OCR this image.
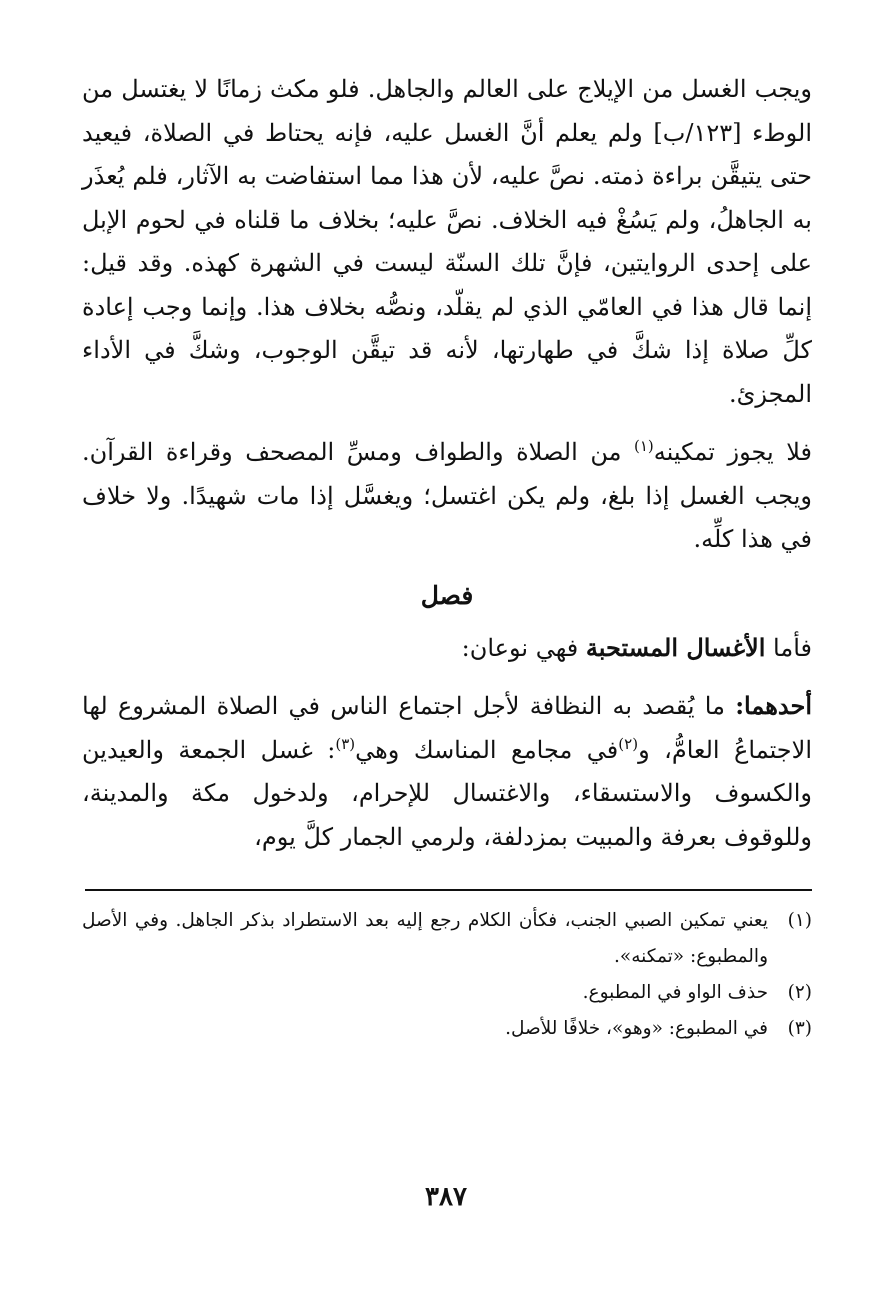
ويجب الغسل من الإيلاج على العالم والجاهل. فلو مكث زمانًا لا يغتسل من الوطء [١٢٣/ب] ولم يعلم أنَّ الغسل عليه، فإنه يحتاط في الصلاة، فيعيد حتى يتيقَّن براءة ذمته. نصَّ عليه، لأن هذا مما استفاضت به الآثار، فلم يُعذَر به الجاهلُ، ولم يَسُغْ فيه الخلاف. نصَّ عليه؛ بخلاف ما قلناه في لحوم الإبل على إحدى الروايتين، فإنَّ تلك السنّة ليست في الشهرة كهذه. وقد قيل: إنما قال هذا في العامّي الذي لم يقلّد، ونصُّه بخلاف هذا. وإنما وجب إعادة كلِّ صلاة إذا شكَّ في طهارتها، لأنه قد تيقَّن الوجوب، وشكَّ في الأداء المجزئ.

فلا يجوز تمكينه$^{(١)}$ من الصلاة والطواف ومسِّ المصحف وقراءة القرآن. ويجب الغسل إذا بلغ، ولم يكن اغتسل؛ ويغسَّل إذا مات شهيدًا. ولا خلاف في هذا كلِّه.

فصل

فأما الأغسال المستحبة فهي نوعان:

أحدهما: ما يُقصد به النظافة لأجل اجتماع الناس في الصلاة المشروع لها الاجتماعُ العامُّ، و$^{(٢)}$في مجامع المناسك وهي$^{(٣)}$: غسل الجمعة والعيدين والكسوف والاستسقاء، والاغتسال للإحرام، ولدخول مكة والمدينة، وللوقوف بعرفة والمبيت بمزدلفة، ولرمي الجمار كلَّ يوم،

(١)
يعني تمكين الصبي الجنب، فكأن الكلام رجع إليه بعد الاستطراد بذكر الجاهل. وفي الأصل والمطبوع: «تمكنه».
(٢)
حذف الواو في المطبوع.
(٣)
في المطبوع: «وهو»، خلافًا للأصل.
٣٨٧
